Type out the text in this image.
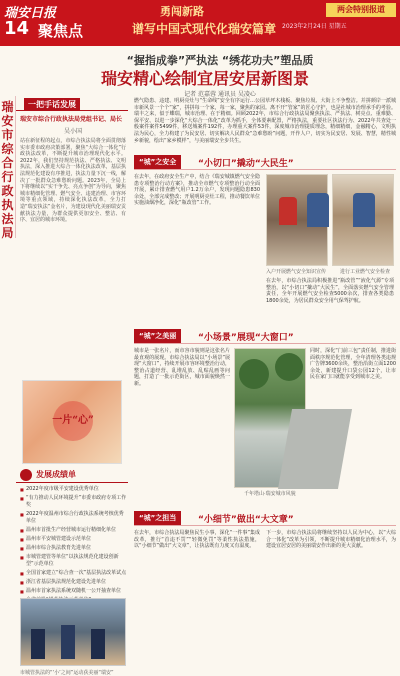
瑞安日报
14 聚焦点
勇闯新路
谱写中国式现代化瑞安篇章
两会特别报道
2023年2月24日 星期五
“握指成拳”严执法 “绣花功夫”塑品质
瑞安精心绘制宜居安居新图景
记者 范嘉蓉 通讯员 吴凌心
瑞安市综合行政执法局
一把手话发展
瑞安市综合行政执法局党组书记、局长
吴小国
站在新征程的起点，市综合执法局将全面贯彻落实市委市政府决策部署，聚焦“大综合一体化”行政执法改革，不断提升城市治理现代化水平。2022年，我们坚持规范执法、严格执法、文明执法，深入推进大综合一体化执法改革，基层执法规范化建设有序推进，执法力量下沉一线，解决了一批群众急难愁盼问题。2023年，全局上下将继续以“实干争先、亮点争创”为导向，聚焦城市精细化管理、燃气安全、违建治理、市容环境等重点领域，持续深化执法改革，全力打造“瑞安执法”金名片，为建设现代化美丽瑞安贡献执法力量，为群众提供更加安全、整洁、有序、宜居的城市环境。
一片“心”
发展成绩单
■ 2022年度市级平安建设优秀单位
■ “有力推动人民环境提升”市委市政府专项工作奖
■ 2022年度温州市综合行政执法系统考核优秀单位
■ 温州市首批生产经营城市运行精细化单位
■ 温州市平安城管建设示范单位
■ 温州市综合执法教育先进单位
■ 市城管建管等单位“以执法规范化建设创新型”示范单位
■ 全国首家建立“综合查一次”基层执法改革试点
■ 浙江省基层执法规范化建设先进单位
■ 温州市首家执法系统双随机一公开抽查单位
■
■
市城管执法的“‘小’之间”运动获美丽“瑞安”
燃气隐患、违建、明厨亮灶与“生命线”安全有序运行…公园草坪木栈板、聚焦垃圾、大街上不争整洁。并拼颜岸一派城市新风景一个个“家”，拼拼每一个家，每一家，聚焦的家园。离不开“管家”的匠心守护，也是社城市治理承手的考验。瑞丰之来，似于蝶瑞，城市治理、在于精细。回顾2022年，市综合行政执法局聚焦执法、严执法、树亮点、重难勤、保平安、以进一步深化“大综合一体化”改革为抓手，全体要素配置，严格执法，重要社区执法行为、2022年共查处一般案件案件5499件，移送城案件192件，办理重大案件53件，深度城市治理提质理念，精细精细，金融精心，文明执法为民心，全力构建了为民安居、切实解决人民群众“急难愁盼”问题，开作人户，切实为民安居、发展、智慧，精性城乡新貌，绘出“家乡模样”，与美丽瑞安全步共生。
“城”之安全	“小切口”撬动“大民生”
在去年，在政府安全生产中，结合《瑞安城镇燃气安全隐患专项整治行动方案》，推动全市燃气专项整治行动全面开展，累计排查燃气用户1.2万余户，发现问题隐患830余处，全部完成整改；开展明厨亮灶工程，推动餐饮单位实施油烟净化，深化“瓶改管”工作。
入户开展燃气安全知识宣传	进行工业燃气安全检查
在去年，市综合执法局积极推进“瓶改管”“液化气源”专项整治，以“小切口”撬动“大民生”，全面落实燃气安全管理责任，全年开展燃气安全检查5000余次，排查各类隐患1800余处，为居民群众安全用气保驾护航。
“城”之美丽	“小场景”展现“大窗口”
城市是一张名片，而市容市貌则是这张名片最直观的展现。市综合执法局以“小场景”展现“大窗口”，持续开展市容环境整治行动，整治占道经营、乱堆乱放、乱贴乱画等问题，打造了一批示范街区，城市面貌焕然一新。
千年塔山·瑞安城市风貌
同时，深化“门前三包”责任制，推进街面秩序规范化管理，全年清理各类违规广告牌3600余块，整治沿街立面1200余处，新建提升口袋公园12个，让市民在家门口就能享受到城市之美。
“城”之担当	“小细节”做出“大文章”
在去年，市综合执法局聚焦民生小事，深化“一件事”集成改革，推行“首违不罚”“轻微免罚”等柔性执法措施，以“小细节”做出“大文章”，让执法既有力度又有温度。
下一步，市综合执法局将继续坚持以人民为中心，以“大综合一体化”改革为引领，不断提升城市精细化治理水平，为建设宜居安居的美丽瑞安作出新的更大贡献。
